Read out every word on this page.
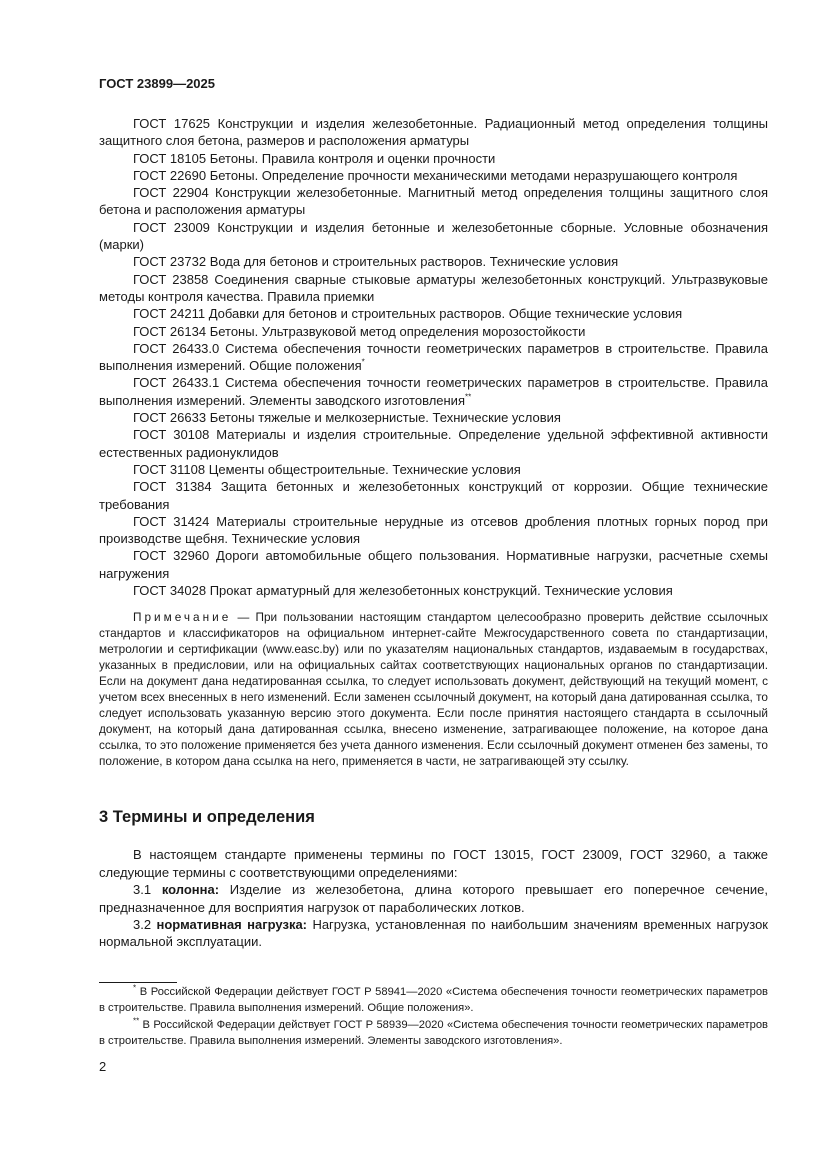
ГОСТ 23899—2025

ГОСТ 17625 Конструкции и изделия железобетонные. Радиационный метод определения толщины защитного слоя бетона, размеров и расположения арматуры

ГОСТ 18105 Бетоны. Правила контроля и оценки прочности

ГОСТ 22690 Бетоны. Определение прочности механическими методами неразрушающего контроля

ГОСТ 22904 Конструкции железобетонные. Магнитный метод определения толщины защитного слоя бетона и расположения арматуры

ГОСТ 23009 Конструкции и изделия бетонные и железобетонные сборные. Условные обозначения (марки)

ГОСТ 23732 Вода для бетонов и строительных растворов. Технические условия

ГОСТ 23858 Соединения сварные стыковые арматуры железобетонных конструкций. Ультразвуковые методы контроля качества. Правила приемки

ГОСТ 24211 Добавки для бетонов и строительных растворов. Общие технические условия

ГОСТ 26134 Бетоны. Ультразвуковой метод определения морозостойкости

ГОСТ 26433.0 Система обеспечения точности геометрических параметров в строительстве. Правила выполнения измерений. Общие положения*

ГОСТ 26433.1 Система обеспечения точности геометрических параметров в строительстве. Правила выполнения измерений. Элементы заводского изготовления**

ГОСТ 26633 Бетоны тяжелые и мелкозернистые. Технические условия

ГОСТ 30108 Материалы и изделия строительные. Определение удельной эффективной активности естественных радионуклидов

ГОСТ 31108 Цементы общестроительные. Технические условия

ГОСТ 31384 Защита бетонных и железобетонных конструкций от коррозии. Общие технические требования

ГОСТ 31424 Материалы строительные нерудные из отсевов дробления плотных горных пород при производстве щебня. Технические условия

ГОСТ 32960 Дороги автомобильные общего пользования. Нормативные нагрузки, расчетные схемы нагружения

ГОСТ 34028 Прокат арматурный для железобетонных конструкций. Технические условия

Примечание — При пользовании настоящим стандартом целесообразно проверить действие ссылочных стандартов и классификаторов на официальном интернет-сайте Межгосударственного совета по стандартизации, метрологии и сертификации (www.easc.by) или по указателям национальных стандартов, издаваемым в государствах, указанных в предисловии, или на официальных сайтах соответствующих национальных органов по стандартизации. Если на документ дана недатированная ссылка, то следует использовать документ, действующий на текущий момент, с учетом всех внесенных в него изменений. Если заменен ссылочный документ, на который дана датированная ссылка, то следует использовать указанную версию этого документа. Если после принятия настоящего стандарта в ссылочный документ, на который дана датированная ссылка, внесено изменение, затрагивающее положение, на которое дана ссылка, то это положение применяется без учета данного изменения. Если ссылочный документ отменен без замены, то положение, в котором дана ссылка на него, применяется в части, не затрагивающей эту ссылку.

3 Термины и определения

В настоящем стандарте применены термины по ГОСТ 13015, ГОСТ 23009, ГОСТ 32960, а также следующие термины с соответствующими определениями:

3.1 колонна: Изделие из железобетона, длина которого превышает его поперечное сечение, предназначенное для восприятия нагрузок от параболических лотков.

3.2 нормативная нагрузка: Нагрузка, установленная по наибольшим значениям временных нагрузок нормальной эксплуатации.

* В Российской Федерации действует ГОСТ Р 58941—2020 «Система обеспечения точности геометрических параметров в строительстве. Правила выполнения измерений. Общие положения».

** В Российской Федерации действует ГОСТ Р 58939—2020 «Система обеспечения точности геометрических параметров в строительстве. Правила выполнения измерений. Элементы заводского изготовления».

2
